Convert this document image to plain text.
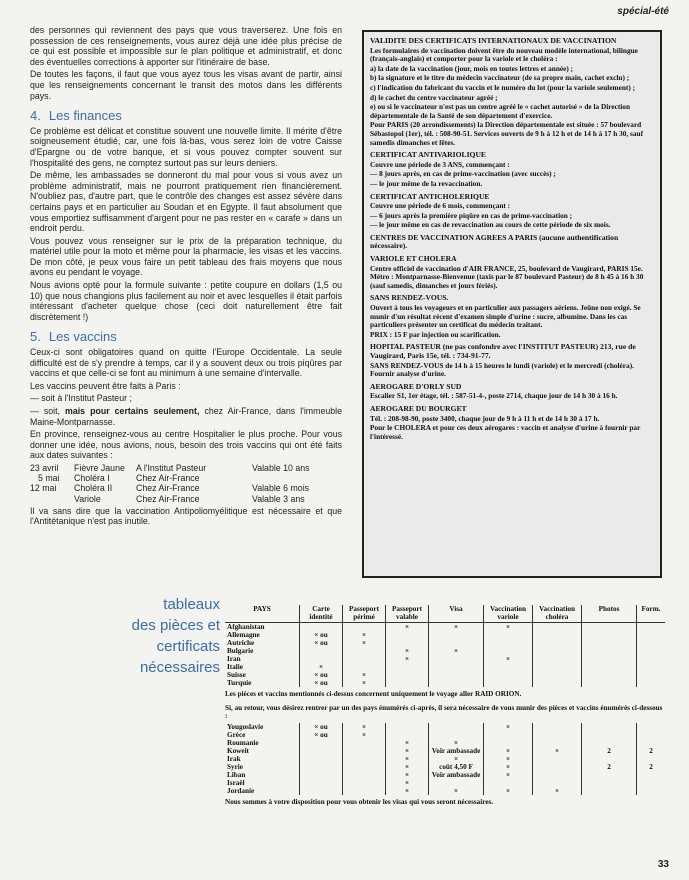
spécial-été

des personnes qui reviennent des pays que vous traverserez. Une fois en possession de ces renseignements, vous aurez déjà une idée plus précise de ce qui est possible et impossible sur le plan politique et administratif, et donc des éventuelles corrections à apporter sur l'itinéraire de base.

De toutes les façons, il faut que vous ayez tous les visas avant de partir, ainsi que les renseignements concernant le transit des motos dans les différents pays.

4. Les finances

Ce problème est délicat et constitue souvent une nouvelle limite. Il mérite d'être soigneusement étudié, car, une fois là-bas, vous serez loin de votre Caisse d'Epargne ou de votre banque, et si vous pouvez compter souvent sur l'hospitalité des gens, ne comptez surtout pas sur leurs deniers.

De même, les ambassades se donneront du mal pour vous si vous avez un problème administratif, mais ne pourront pratiquement rien financièrement. N'oubliez pas, d'autre part, que le contrôle des changes est assez sévère dans certains pays et en particulier au Soudan et en Egypte. Il faut absolument que vous emportiez suffisamment d'argent pour ne pas rester en « carafe » dans un endroit perdu.

Vous pouvez vous renseigner sur le prix de la préparation technique, du matériel utile pour la moto et même pour la pharmacie, les visas et les vaccins. De mon côté, je peux vous faire un petit tableau des frais moyens que nous avons eu pendant le voyage.

Nous avions opté pour la formule suivante : petite coupure en dollars (1,5 ou 10) que nous changions plus facilement au noir et avec lesquelles il était parfois intéressant d'acheter quelque chose (ceci doit naturellement être fait discrètement !)

5. Les vaccins

Ceux-ci sont obligatoires quand on quitte l'Europe Occidentale. La seule difficulté est de s'y prendre à temps, car il y a souvent deux ou trois piqûres par vaccins et que celle-ci se font au minimum à une semaine d'intervalle.

Les vaccins peuvent être faits à Paris :

— soit à l'Institut Pasteur ;

— soit, mais pour certains seulement, chez Air-France, dans l'immeuble Maine-Montparnasse.

En province, renseignez-vous au centre Hospitalier le plus proche. Pour vous donner une idée, nous avions, nous, besoin des trois vaccins qui ont été faits aux dates suivantes :

23 avril	Fièvre Jaune	A l'Institut Pasteur	Valable 10 ans
5 mai	Choléra I	Chez Air-France	
12 mai	Choléra II	Chez Air-France	Valable 6 mois
	Variole	Chez Air-France	Valable 3 ans

Il va sans dire que la vaccination Antipoliomyélitique est nécessaire et que l'Antitétanique n'est pas inutile.

VALIDITE DES CERTIFICATS INTERNATIONAUX DE VACCINATION

Les formulaires de vaccination doivent être du nouveau modèle international, bilingue (français-anglais) et comporter pour la variole et le choléra :

a) la date de la vaccination (jour, mois en toutes lettres et année) ;

b) la signature et le titre du médecin vaccinateur (de sa propre main, cachet exclu) ;

c) l'indication du fabricant du vaccin et le numéro du lot (pour la variole seulement) ;

d) le cachet du centre vaccinateur agréé ;

e) ou si le vaccinateur n'est pas un centre agréé le « cachet autorisé » de la Direction départementale de la Santé de son département d'exercice.

Pour PARIS (20 arrondissements) la Direction départementale est située : 57 boulevard Sébastopol (1er), tél. : 508-90-51. Services ouverts de 9 h à 12 h et de 14 h à 17 h 30, sauf samedis dimanches et fêtes.

CERTIFICAT ANTIVARIOLIQUE

Couvre une période de 3 ANS, commençant :

— 8 jours après, en cas de prime-vaccination (avec succès) ;

— le jour même de la revaccination.

CERTIFICAT ANTICHOLERIQUE

Couvre une période de 6 mois, commençant :

— 6 jours après la première piqûre en cas de prime-vaccination ;

— le jour même en cas de revaccination au cours de cette période de six mois.

CENTRES DE VACCINATION AGREES A PARIS (aucune authentification nécessaire).
VARIOLE ET CHOLERA

Centre officiel de vaccination d'AIR FRANCE, 25, boulevard de Vaugirard, PARIS 15e. Métro : Montparnasse-Bienvenue (taxis par le 87 boulevard Pasteur) de 8 h 45 à 16 h 30 (sauf samedis, dimanches et jours fériés).

SANS RENDEZ-VOUS.

Ouvert à tous les voyageurs et en particulier aux passagers aériens. Jeûne non exigé. Se munir d'un résultat récent d'examen simple d'urine : sucre, albumine. Dans les cas particuliers présenter un certificat du médecin traitant.

PRIX : 15 F par injection ou scarification.

HOPITAL PASTEUR (ne pas confondre avec l'INSTITUT PASTEUR) 213, rue de Vaugirard, Paris 15e, tél. : 734-91-77.

SANS RENDEZ-VOUS de 14 h à 15 heures le lundi (variole) et le mercredi (choléra). Fournir analyse d'urine.

AEROGARE D'ORLY SUD

Escalier S1, 1er étage, tél. : 587-51-4-, poste 2714, chaque jour de 14 h 30 à 16 h.

AEROGARE DU BOURGET

Tél. : 208-98-90, poste 3400, chaque jour de 9 h à 11 h et de 14 h 30 à 17 h.

Pour le CHOLERA et pour ces deux aérogares : vaccin et analyse d'urine à fournir par l'intéressé.

tableaux
des pièces et
certificats
nécessaires
PAYS	Carte identité	Passeport périmé	Passeport valable	Visa	Vaccination variole	Vaccination choléra	Photos	Form.
Afghanistan			×	×	×			
Allemagne	× ou	×						
Autriche	× ou	×						
Bulgarie			×	×				
Iran			×		×			
Italie	×							
Suisse	× ou	×						
Turquie	× ou	×						
Les pièces et vaccins mentionnés ci-dessus concernent uniquement le voyage aller RAID ORION.								
Si, au retour, vous désirez rentrer par un des pays énumérés ci-après, il sera nécessaire de vous munir des pièces et vaccins énumérés ci-dessous :								
Yougoslavie	× ou	×			×			
Grèce	× ou	×						
Roumanie			×	×				
Koweit			×	Voir ambassade	×	×	2	2
Irak			×	×	×			
Syrie			×	coût 4,50 F	×		2	2
Liban			×	Voir ambassade	×			
Israël			×					
Jordanie			×	×	×	×		
Nous sommes à votre disposition pour vous obtenir les visas qui vous seront nécessaires.								
33
